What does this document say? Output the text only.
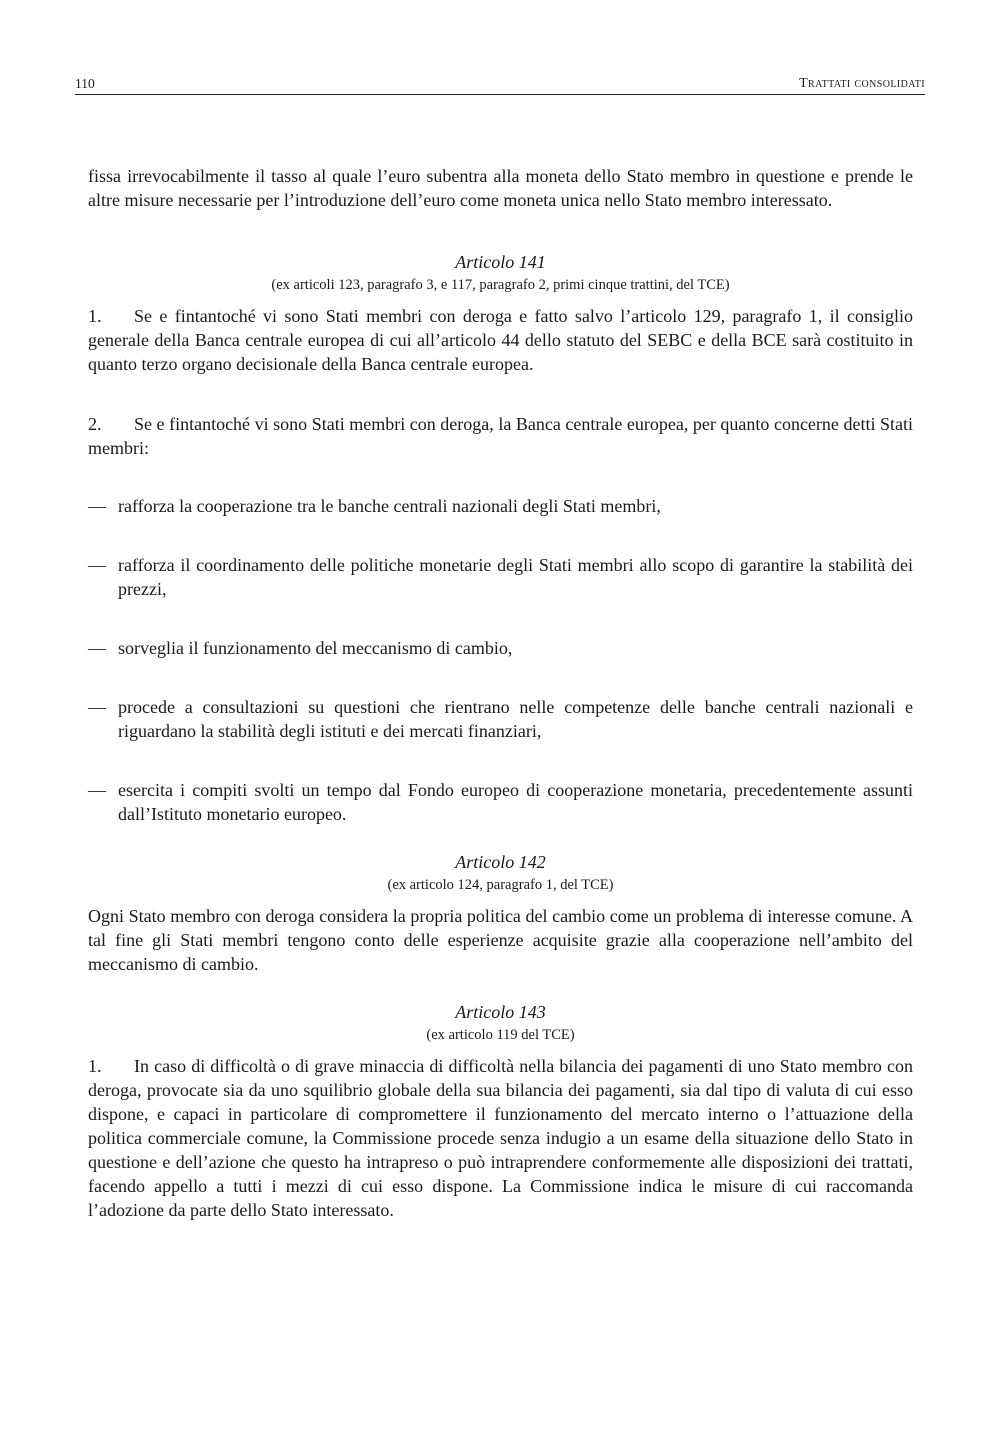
110	Trattati consolidati

fissa irrevocabilmente il tasso al quale l’euro subentra alla moneta dello Stato membro in questione e prende le altre misure necessarie per l’introduzione dell’euro come moneta unica nello Stato membro interessato.

Articolo 141
(ex articoli 123, paragrafo 3, e 117, paragrafo 2, primi cinque trattini, del TCE)

1. Se e fintantoché vi sono Stati membri con deroga e fatto salvo l’articolo 129, paragrafo 1, il consiglio generale della Banca centrale europea di cui all’articolo 44 dello statuto del SEBC e della BCE sarà costituito in quanto terzo organo decisionale della Banca centrale europea.

2. Se e fintantoché vi sono Stati membri con deroga, la Banca centrale europea, per quanto concerne detti Stati membri:

— rafforza la cooperazione tra le banche centrali nazionali degli Stati membri,
— rafforza il coordinamento delle politiche monetarie degli Stati membri allo scopo di garantire la stabilità dei prezzi,
— sorveglia il funzionamento del meccanismo di cambio,
— procede a consultazioni su questioni che rientrano nelle competenze delle banche centrali nazionali e riguardano la stabilità degli istituti e dei mercati finanziari,
— esercita i compiti svolti un tempo dal Fondo europeo di cooperazione monetaria, precedentemente assunti dall’Istituto monetario europeo.
Articolo 142
(ex articolo 124, paragrafo 1, del TCE)

Ogni Stato membro con deroga considera la propria politica del cambio come un problema di interesse comune. A tal fine gli Stati membri tengono conto delle esperienze acquisite grazie alla cooperazione nell’ambito del meccanismo di cambio.

Articolo 143
(ex articolo 119 del TCE)

1. In caso di difficoltà o di grave minaccia di difficoltà nella bilancia dei pagamenti di uno Stato membro con deroga, provocate sia da uno squilibrio globale della sua bilancia dei pagamenti, sia dal tipo di valuta di cui esso dispone, e capaci in particolare di compromettere il funzionamento del mercato interno o l’attuazione della politica commerciale comune, la Commissione procede senza indugio a un esame della situazione dello Stato in questione e dell’azione che questo ha intrapreso o può intraprendere conformemente alle disposizioni dei trattati, facendo appello a tutti i mezzi di cui esso dispone. La Commissione indica le misure di cui raccomanda l’adozione da parte dello Stato interessato.
